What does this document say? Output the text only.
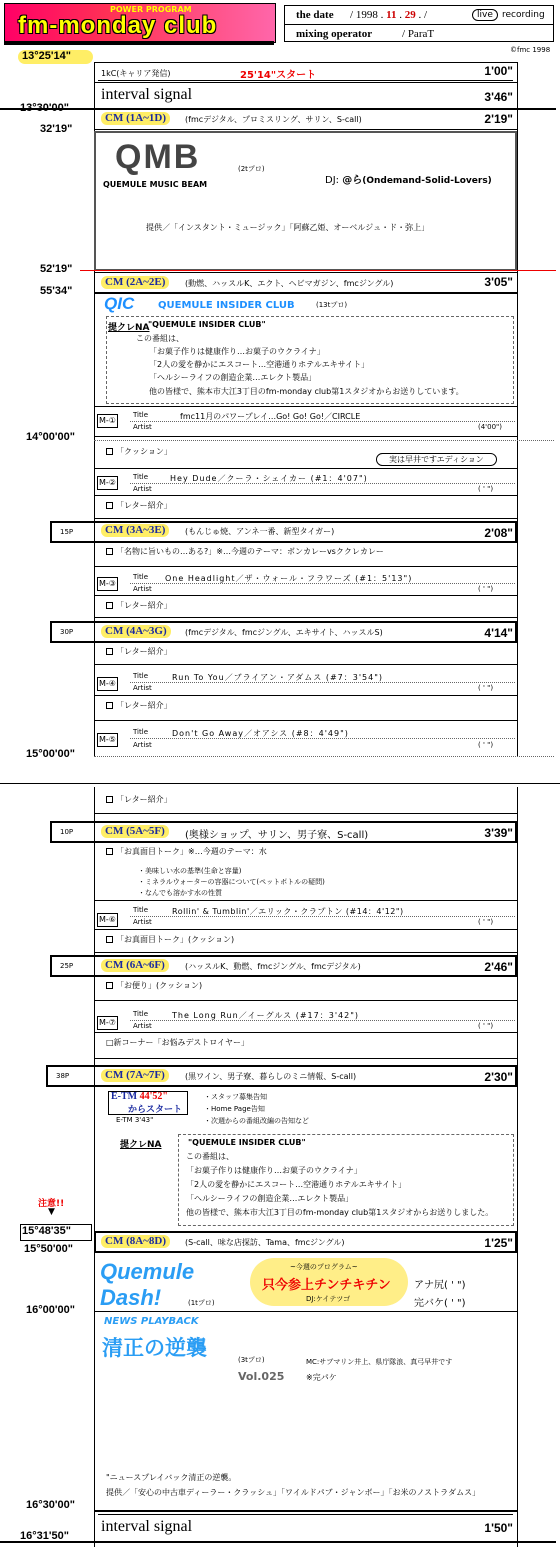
POWER PROGRAM
fm-monday club	the date / 1998 . 11 . 29 . /	live	recording
mixing operator	/ ParaT
©fmc 1998
13°25'14"
13°30'00"
32'19"
52'19"
55'34"
14°00'00"
15°00'00"
1kC(キャリア発信)	25'14"スタート	1'00"
interval signal	3'46"
CM (1A~1D)	(fmcデジタル、プロミスリング、サリン、S-call)	2'19"
QMB
QUEMULE MUSIC BEAM
(2tプロ)
DJ: @ら(Ondemand-Solid-Lovers)
提供／「インスタント・ミュージック」「阿蘇乙姫、オーベルジュ・ド・弥上」
CM (2A~2E)	(動燃、ハッスルK、エクト、ヘビマガジン、fmcジングル)	3'05"
QIC QUEMULE INSIDER CLUB	(13tプロ)
提クレNA
"QUEMULE INSIDER CLUB"
この番組は、
「お菓子作りは健康作り…お菓子のウクライナ」
「2人の愛を静かにエスコート…空港通りホテルエキサイト」
「ヘルシーライフの創造企業…エレクト製品」
他の皆様で、熊本市大江3丁目のfm-monday club第1スタジオからお送りしています。
M-①
Title	fmc11月のパワープレイ…Go! Go! Go!／CIRCLE
Artist	(4'00")
「クッション」
実は早井ですエディション
M-②
Title	Hey Dude／クーラ・シェイカー (#1：4'07")
Artist	( ' ")
「レター紹介」
15P	CM (3A~3E)	(もんじゅ焼、アンネ一番、新型タイガー)	2'08"
「名物に旨いもの…ある?」※…今週のテーマ：ボンカレーvsククレカレー
M-③
Title One Headlight／ザ・ウォール・フラワーズ (#1：5'13")
Artist	( ' ")
「レター紹介」
30P	CM (4A~3G)	(fmcデジタル、fmcジングル、エキサイト、ハッスルS)	4'14"
「レター紹介」
M-④
Title	Run To You／ブライアン・アダムス (#7：3'54")
Artist	( ' ")
「レター紹介」
M-⑤
Title	Don't Go Away／オアシス (#8：4'49")
Artist	( ' ")
「レター紹介」
10P	CM (5A~5F)	(奥様ショップ、サリン、男子寮、S-call)	3'39"
「お真面目トーク」※…今週のテーマ：水
・美味しい水の基準(生命と容量)
・ミネラルウォーターの容器について(ペットボトルの疑問)
・なんでも溶かす水の性質
M-⑥
Title	Rollin' & Tumblin'／エリック・クラプトン (#14：4'12")
Artist	( ' ")
「お真面目トーク」(クッション)
25P	CM (6A~6F)	(ハッスルK、動燃、fmcジングル、fmcデジタル)	2'46"
「お便り」(クッション)
M-⑦
Title	The Long Run／イーグルス (#17：3'42")
Artist	( ' ")
□新コーナー「お悩みデストロイヤー」
38P	CM (7A~7F)	(黒ワイン、男子寮、暮らしのミニ情報、S-call)	2'30"
E-TM 44'52"
からスタート
E-TM 3'43"
・スタッフ募集告知
・Home Page告知
・次週からの番組改編の告知など
提クレNA	"QUEMULE INSIDER CLUB"
この番組は、
「お菓子作りは健康作り…お菓子のウクライナ」
「2人の愛を静かにエスコート…空港通りホテルエキサイト」
「ヘルシーライフの創造企業…エレクト製品」
他の皆様で、熊本市大江3丁目のfm-monday club第1スタジオからお送りしました。
注意!!
▼
15°48'35"
15°50'00"
CM (8A~8D)	(S-call、味な店探訪、Tama、fmcジングル)	1'25"
Quemule
Dash!	(1tプロ)
~今週のプログラム~
只今参上チンチキチン
DJ:ケイテツゴ
アナ尻( ' ")
完バケ( ' ")
16°00'00"
NEWS PLAYBACK
清正の逆襲	(3tプロ)
Vol.025	※完パケ
MC:サブマリン井上、県庁隊浪、真弓早井です
"ニュースプレイバック清正の逆襲。
提供／「安心の中古車ディーラー・クラッシュ」「ワイルドパブ・ジャンボー」「お米のノストラダムス」
16°30'00"
interval signal	1'50"
16°31'50"
